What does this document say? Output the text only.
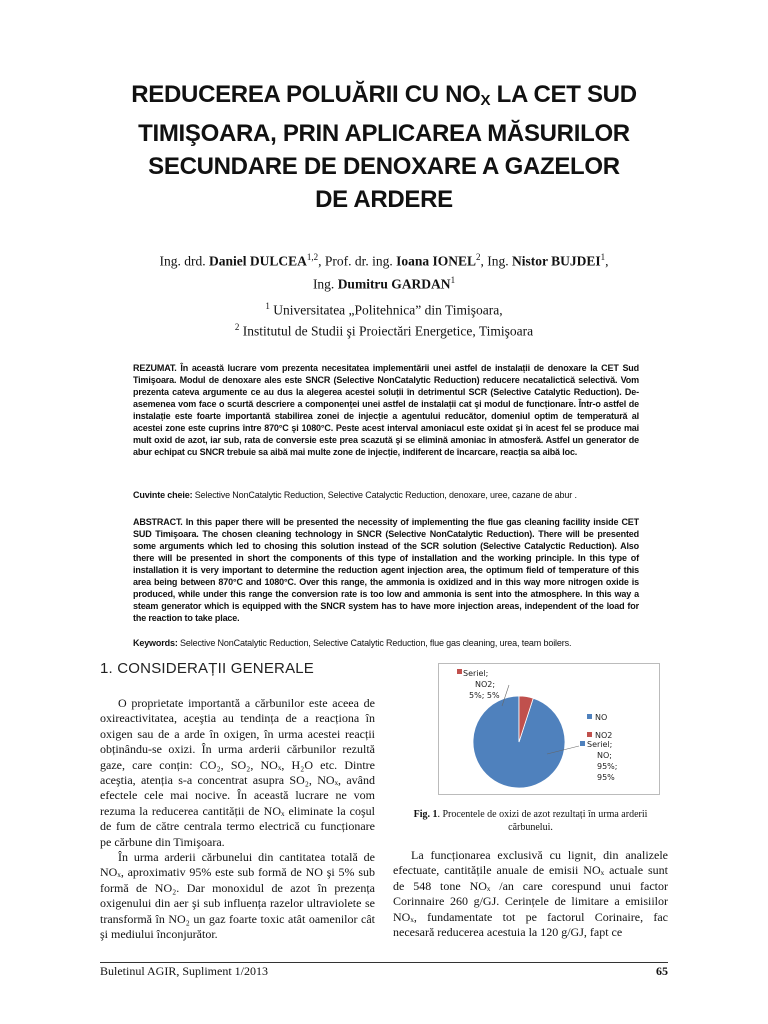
REDUCEREA POLUĂRII CU NOX LA CET SUD
TIMIŞOARA, PRIN APLICAREA MĂSURILOR
SECUNDARE DE DENOXARE A GAZELOR
DE ARDERE
Ing. drd. Daniel DULCEA$^{1,2}$, Prof. dr. ing. Ioana IONEL$^2$, Ing. Nistor BUJDEI$^1$,
Ing. Dumitru GARDAN$^1$
$^1$ Universitatea „Politehnica” din Timişoara,
$^2$ Institutul de Studii şi Proiectări Energetice, Timişoara
REZUMAT. În această lucrare vom prezenta necesitatea implementării unei astfel de instalații de denoxare la CET Sud Timişoara. Modul de denoxare ales este SNCR (Selective NonCatalytic Reduction) reducere necatalictică selectivă. Vom prezenta cateva argumente ce au dus la alegerea acestei soluții în detrimentul SCR (Selective Catalytic Reduction). De-asemenea vom face o scurtă descriere a componenței unei astfel de instalații cat şi modul de funcționare. Într-o astfel de instalație este foarte importantă stabilirea zonei de injecție a agentului reducător, domeniul optim de temperatură al acestei zone este cuprins între 870°C şi 1080°C. Peste acest interval amoniacul este oxidat şi în acest fel se produce mai mult oxid de azot, iar sub, rata de conversie este prea scazută şi se elimină amoniac în atmosferă. Astfel un generator de abur echipat cu SNCR trebuie sa aibă mai multe zone de injecție, indiferent de încarcare, reacția sa aibă loc.
Cuvinte cheie: Selective NonCatalytic Reduction, Selective Catalyctic Reduction, denoxare, uree, cazane de abur .
ABSTRACT. In this paper there will be presented the necessity of implementing the flue gas cleaning facility inside CET SUD Timişoara. The chosen cleaning technology in SNCR (Selective NonCatalytic Reduction). There will be presented some arguments which led to chosing this solution instead of the SCR solution (Selective Catalyctic Reduction). Also there will be presented in short the components of this type of installation and the working principle. In this type of installation it is very important to determine the reduction agent injection area, the optimum field of temperature of this area being between 870°C and 1080°C. Over this range, the ammonia is oxidized and in this way more nitrogen oxide is produced, while under this range the conversion rate is too low and ammonia is sent into the atmosphere. In this way a steam generator which is equipped with the SNCR system has to have more injection areas, independent of the load for the reaction to take place.
Keywords: Selective NonCatalytic Reduction, Selective Catalytic Reduction, flue gas cleaning, urea, team boilers.
1. CONSIDERAȚII GENERALE

O proprietate importantă a cărbunilor este aceea de oxireactivitatea, aceştia au tendința de a reacționa în oxigen sau de a arde în oxigen, în urma acestei reacții obținându-se oxizi. În urma arderii cărbunilor rezultă gaze, care conțin: CO₂, SO₂, NOₓ, H₂O etc. Dintre aceştia, atenția s-a concentrat asupra SO₂, NOₓ, având efectele cele mai nocive. În această lucrare ne vom rezuma la reducerea cantității de NOₓ eliminate la coşul de fum de către centrala termo electrică cu funcționare pe cărbune din Timişoara.

În urma arderii cărbunelui din cantitatea totală de NOₓ, aproximativ 95% este sub formă de NO şi 5% sub formă de NO₂. Dar monoxidul de azot în prezența oxigenului din aer şi sub influența razelor ultraviolete se transformă în NO₂ un gaz foarte toxic atât oamenilor cât şi mediului înconjurător.

Seriel;
NO2;
5%; 5%
NO
NO2
Seriel;
NO;
95%;
95%
Fig. 1. Procentele de oxizi de azot rezultați în urma arderii cărbunelui.

La funcționarea exclusivă cu lignit, din analizele efectuate, cantitățile anuale de emisii NOₓ actuale sunt de 548 tone NOₓ /an care corespund unui factor Corinnaire 260 g/GJ. Cerințele de limitare a emisiilor NOₓ, fundamentate tot pe factorul Corinaire, fac necesară reducerea acestuia la 120 g/GJ, fapt ce

Buletinul AGIR, Supliment 1/2013	65
